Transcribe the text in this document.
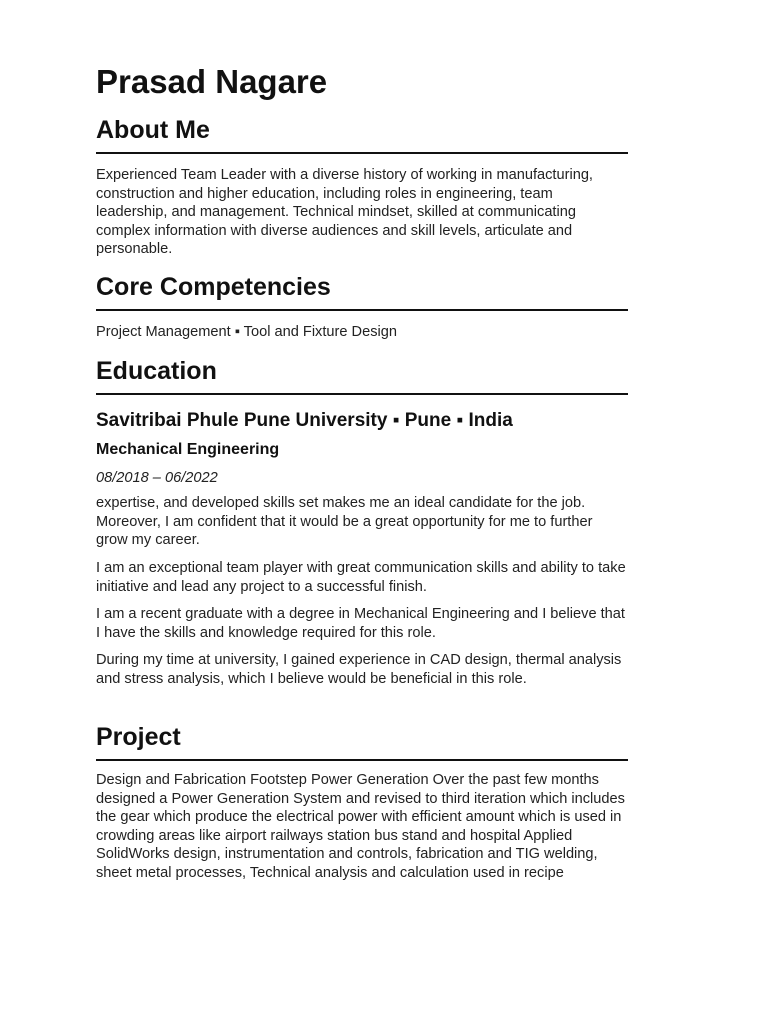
Prasad Nagare
About Me

Experienced Team Leader with a diverse history of working in manufacturing, construction and higher education, including roles in engineering, team leadership, and management. Technical mindset, skilled at communicating complex information with diverse audiences and skill levels, articulate and personable.

Core Competencies

Project Management ▪ Tool and Fixture Design

Education
Savitribai Phule Pune University ▪ Pune ▪ India
Mechanical Engineering

08/2018 – 06/2022

expertise, and developed skills set makes me an ideal candidate for the job. Moreover, I am confident that it would be a great opportunity for me to further grow my career.

I am an exceptional team player with great communication skills and ability to take initiative and lead any project to a successful finish.

I am a recent graduate with a degree in Mechanical Engineering and I believe that I have the skills and knowledge required for this role.

During my time at university, I gained experience in CAD design, thermal analysis and stress analysis, which I believe would be beneficial in this role.

Project

Design and Fabrication Footstep Power Generation Over the past few months designed a Power Generation System and revised to third iteration which includes the gear which produce the electrical power with efficient amount which is used in crowding areas like airport railways station bus stand and hospital Applied SolidWorks design, instrumentation and controls, fabrication and TIG welding, sheet metal processes, Technical analysis and calculation used in recipe
